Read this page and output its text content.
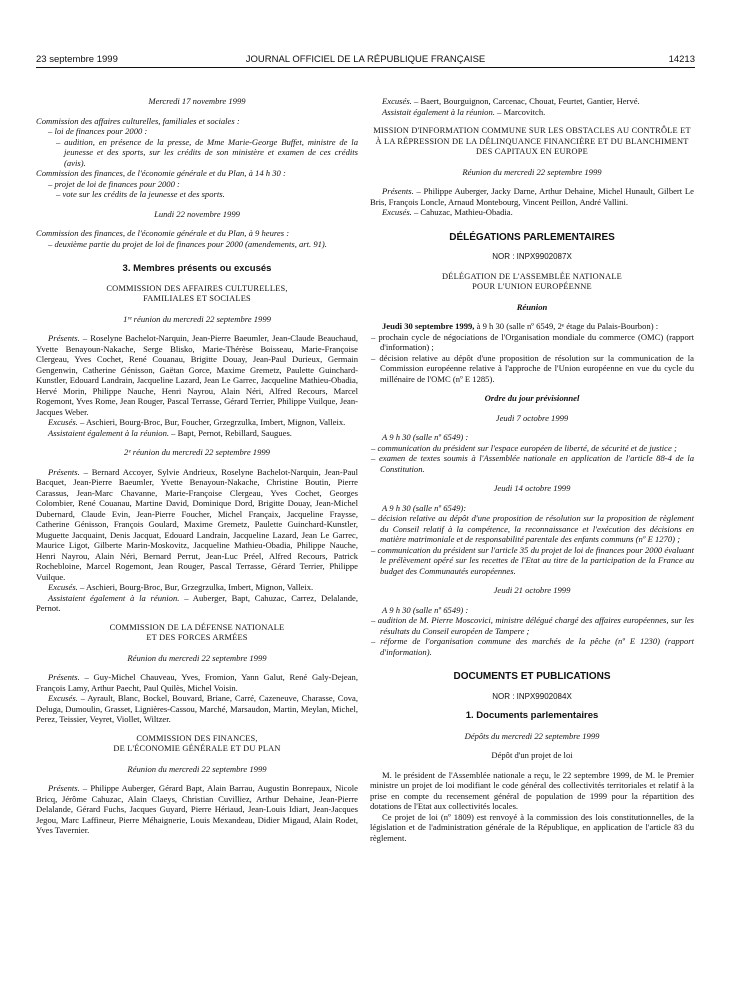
23 septembre 1999	JOURNAL OFFICIEL DE LA RÉPUBLIQUE FRANÇAISE	14213

Mercredi 17 novembre 1999

Commission des affaires culturelles, familiales et sociales :

– loi de finances pour 2000 :

– audition, en présence de la presse, de Mme Marie-George Buffet, ministre de la jeunesse et des sports, sur les crédits de son ministère et examen de ces crédits (avis).

Commission des finances, de l'économie générale et du Plan, à 14 h 30 :

– projet de loi de finances pour 2000 :

– vote sur les crédits de la jeunesse et des sports.

Lundi 22 novembre 1999

Commission des finances, de l'économie générale et du Plan, à 9 heures :

– deuxième partie du projet de loi de finances pour 2000 (amendements, art. 91).

3. Membres présents ou excusés

COMMISSION DES AFFAIRES CULTURELLES,

FAMILIALES ET SOCIALES

1ʳᵉ réunion du mercredi 22 septembre 1999

Présents. – Roselyne Bachelot-Narquin, Jean-Pierre Baeumler, Jean-Claude Beauchaud, Yvette Benayoun-Nakache, Serge Blisko, Marie-Thérèse Boisseau, Marie-Françoise Clergeau, Yves Cochet, René Couanau, Brigitte Douay, Jean-Paul Durieux, Germain Gengenwin, Catherine Génisson, Gaëtan Gorce, Maxime Gremetz, Paulette Guinchard-Kunstler, Edouard Landrain, Jacqueline Lazard, Jean Le Garrec, Jacqueline Mathieu-Obadia, Hervé Morin, Philippe Nauche, Henri Nayrou, Alain Néri, Alfred Recours, Marcel Rogemont, Yves Rome, Jean Rouger, Pascal Terrasse, Gérard Terrier, Philippe Vuilque, Jean-Jacques Weber.

Excusés. – Aschieri, Bourg-Broc, Bur, Foucher, Grzegrzulka, Imbert, Mignon, Valleix.

Assistaient également à la réunion. – Bapt, Pernot, Rebillard, Saugues.

2ᵉ réunion du mercredi 22 septembre 1999

Présents. – Bernard Accoyer, Sylvie Andrieux, Roselyne Bachelot-Narquin, Jean-Paul Bacquet, Jean-Pierre Baeumler, Yvette Benayoun-Nakache, Christine Boutin, Pierre Carassus, Jean-Marc Chavanne, Marie-Françoise Clergeau, Yves Cochet, Georges Colombier, René Couanau, Martine David, Dominique Dord, Brigitte Douay, Jean-Michel Dubernard, Claude Evin, Jean-Pierre Foucher, Michel Françaix, Jacqueline Fraysse, Catherine Génisson, François Goulard, Maxime Gremetz, Paulette Guinchard-Kunstler, Muguette Jacquaint, Denis Jacquat, Edouard Landrain, Jacqueline Lazard, Jean Le Garrec, Maurice Ligot, Gilberte Marin-Moskovitz, Jacqueline Mathieu-Obadia, Philippe Nauche, Henri Nayrou, Alain Néri, Bernard Perrut, Jean-Luc Préel, Alfred Recours, Patrick Rochebloine, Marcel Rogemont, Jean Rouger, Pascal Terrasse, Gérard Terrier, Philippe Vuilque.

Excusés. – Aschieri, Bourg-Broc, Bur, Grzegrzulka, Imbert, Mignon, Valleix.

Assistaient également à la réunion. – Auberger, Bapt, Cahuzac, Carrez, Delalande, Pernot.

COMMISSION DE LA DÉFENSE NATIONALE

ET DES FORCES ARMÉES

Réunion du mercredi 22 septembre 1999

Présents. – Guy-Michel Chauveau, Yves, Fromion, Yann Galut, René Galy-Dejean, François Lamy, Arthur Paecht, Paul Quilès, Michel Voisin.

Excusés. – Ayrault, Blanc, Bockel, Bouvard, Briane, Carré, Cazeneuve, Charasse, Cova, Deluga, Dumoulin, Grasset, Lignières-Cassou, Marché, Marsaudon, Martin, Meylan, Michel, Perez, Teissier, Veyret, Viollet, Wiltzer.

COMMISSION DES FINANCES,

DE L'ÉCONOMIE GÉNÉRALE ET DU PLAN

Réunion du mercredi 22 septembre 1999

Présents. – Philippe Auberger, Gérard Bapt, Alain Barrau, Augustin Bonrepaux, Nicole Bricq, Jérôme Cahuzac, Alain Claeys, Christian Cuvilliez, Arthur Dehaine, Jean-Pierre Delalande, Gérard Fuchs, Jacques Guyard, Pierre Hériaud, Jean-Louis Idiart, Jean-Jacques Jegou, Marc Laffineur, Pierre Méhaignerie, Louis Mexandeau, Didier Migaud, Alain Rodet, Yves Tavernier.

Excusés. – Baert, Bourguignon, Carcenac, Chouat, Feurtet, Gantier, Hervé.

Assistait également à la réunion. – Marcovitch.

MISSION D'INFORMATION COMMUNE SUR LES OBSTACLES AU CONTRÔLE ET À LA RÉPRESSION DE LA DÉLINQUANCE FINANCIÈRE ET DU BLANCHIMENT DES CAPITAUX EN EUROPE

Réunion du mercredi 22 septembre 1999

Présents. – Philippe Auberger, Jacky Darne, Arthur Dehaine, Michel Hunault, Gilbert Le Bris, François Loncle, Arnaud Montebourg, Vincent Peillon, André Vallini.

Excusés. – Cahuzac, Mathieu-Obadia.

DÉLÉGATIONS PARLEMENTAIRES

NOR : INPX9902087X

DÉLÉGATION DE L'ASSEMBLÉE NATIONALE

POUR L'UNION EUROPÉENNE

Réunion

Jeudi 30 septembre 1999, à 9 h 30 (salle nº 6549, 2ᵉ étage du Palais-Bourbon) :

– prochain cycle de négociations de l'Organisation mondiale du commerce (OMC) (rapport d'information) ;

– décision relative au dépôt d'une proposition de résolution sur la communication de la Commission européenne relative à l'approche de l'Union européenne en vue du cycle du millénaire de l'OMC (nº E 1285).

Ordre du jour prévisionnel

Jeudi 7 octobre 1999

A 9 h 30 (salle nº 6549) :

– communication du président sur l'espace européen de liberté, de sécurité et de justice ;

– examen de textes soumis à l'Assemblée nationale en application de l'article 88-4 de la Constitution.

Jeudi 14 octobre 1999

A 9 h 30 (salle nº 6549):

– décision relative au dépôt d'une proposition de résolution sur la proposition de règlement du Conseil relatif à la compétence, la reconnaissance et l'exécution des décisions en matière matrimoniale et de responsabilité parentale des enfants communs (nº E 1270) ;

– communication du président sur l'article 35 du projet de loi de finances pour 2000 évaluant le prélèvement opéré sur les recettes de l'Etat au titre de la participation de la France au budget des Communautés européennes.

Jeudi 21 octobre 1999

A 9 h 30 (salle nº 6549) :

– audition de M. Pierre Moscovici, ministre délégué chargé des affaires européennes, sur les résultats du Conseil européen de Tampere ;

– réforme de l'organisation commune des marchés de la pêche (nº E 1230) (rapport d'information).

DOCUMENTS ET PUBLICATIONS

NOR : INPX9902084X

1. Documents parlementaires

Dépôts du mercredi 22 septembre 1999

Dépôt d'un projet de loi

M. le président de l'Assemblée nationale a reçu, le 22 septembre 1999, de M. le Premier ministre un projet de loi modifiant le code général des collectivités territoriales et relatif à la prise en compte du recensement général de population de 1999 pour la répartition des dotations de l'Etat aux collectivités locales.

Ce projet de loi (nº 1809) est renvoyé à la commission des lois constitutionnelles, de la législation et de l'administration générale de la République, en application de l'article 83 du règlement.
